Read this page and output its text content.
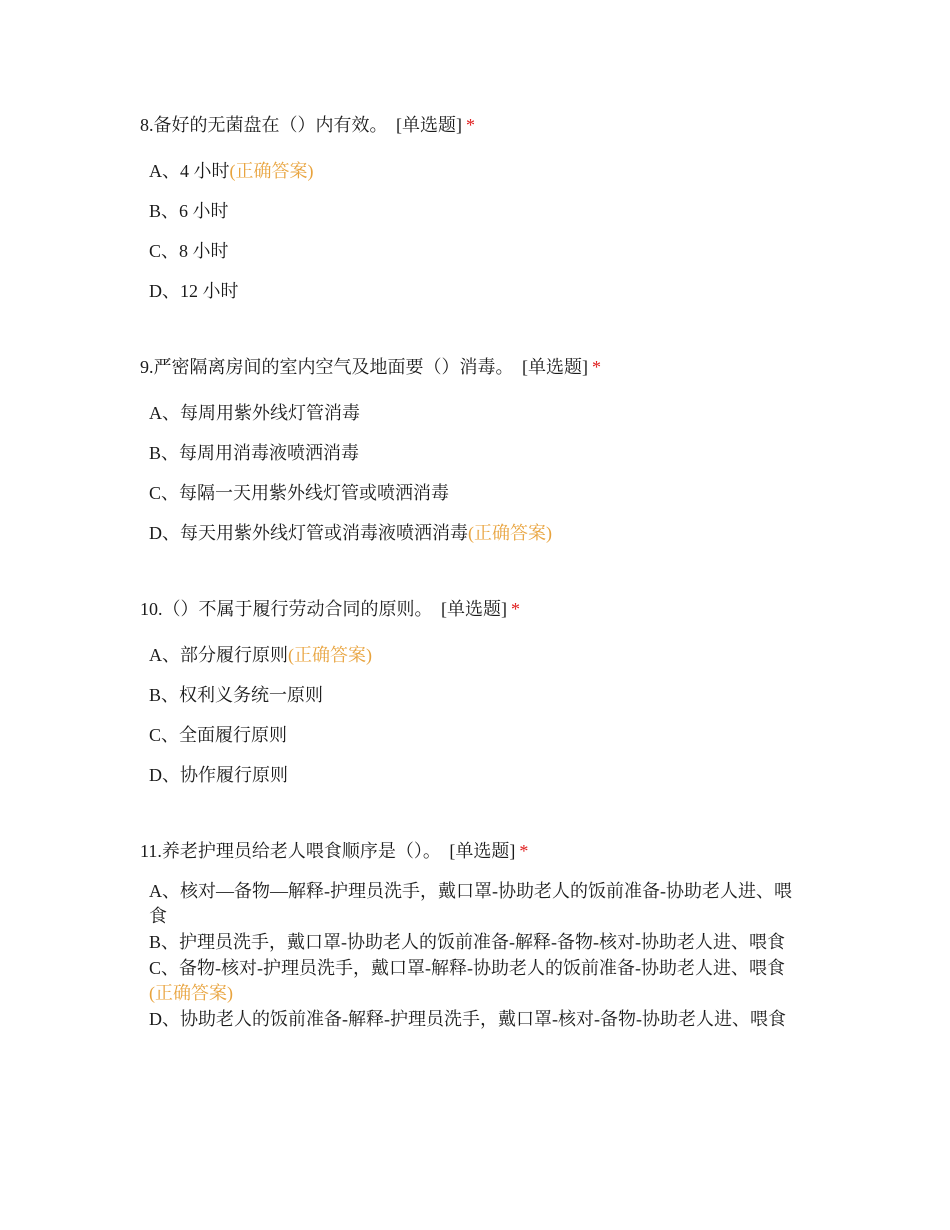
8.备好的无菌盘在（）内有效。 [单选题] *

A、4 小时(正确答案)
B、6 小时
C、8 小时
D、12 小时

9.严密隔离房间的室内空气及地面要（）消毒。 [单选题] *

A、每周用紫外线灯管消毒
B、每周用消毒液喷洒消毒
C、每隔一天用紫外线灯管或喷洒消毒
D、每天用紫外线灯管或消毒液喷洒消毒(正确答案)

10.（）不属于履行劳动合同的原则。 [单选题] *

A、部分履行原则(正确答案)
B、权利义务统一原则
C、全面履行原则
D、协作履行原则

11.养老护理员给老人喂食顺序是（）。 [单选题] *

A、核对—备物—解释-护理员洗手，戴口罩-协助老人的饭前准备-协助老人进、喂食
B、护理员洗手，戴口罩-协助老人的饭前准备-解释-备物-核对-协助老人进、喂食
C、备物-核对-护理员洗手，戴口罩-解释-协助老人的饭前准备-协助老人进、喂食(正确答案)
D、协助老人的饭前准备-解释-护理员洗手，戴口罩-核对-备物-协助老人进、喂食
